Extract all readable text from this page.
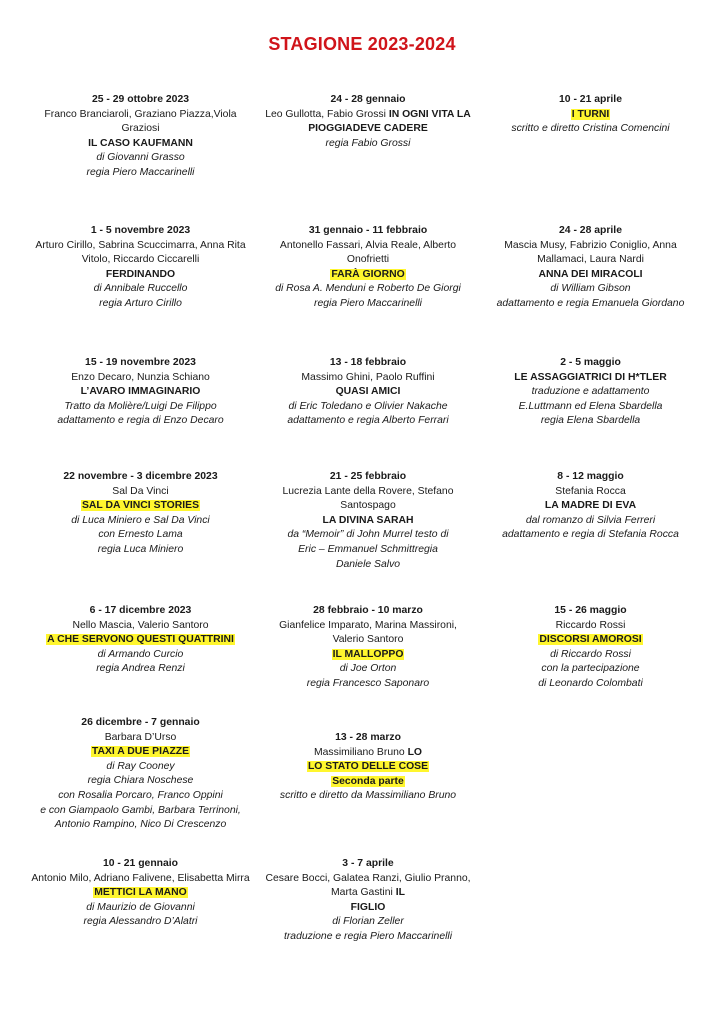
STAGIONE 2023-2024
25 - 29 ottobre 2023
Franco Branciaroli, Graziano Piazza,Viola Graziosi
IL CASO KAUFMANN
di Giovanni Grasso
regia Piero Maccarinelli
1 - 5 novembre 2023
Arturo Cirillo, Sabrina Scuccimarra, Anna Rita Vitolo, Riccardo Ciccarelli
FERDINANDO
di Annibale Ruccello
regia Arturo Cirillo
15 - 19 novembre 2023
Enzo Decaro, Nunzia Schiano
L’AVARO IMMAGINARIO
Tratto da Molière/Luigi De Filippo
adattamento e regia di Enzo Decaro
22 novembre - 3 dicembre 2023
Sal Da Vinci
SAL DA VINCI STORIES
di Luca Miniero e Sal Da Vinci
con Ernesto Lama
regia Luca Miniero
6 - 17 dicembre 2023
Nello Mascia, Valerio Santoro
A CHE SERVONO QUESTI QUATTRINI
di Armando Curcio
regia Andrea Renzi
26 dicembre - 7 gennaio
Barbara D’Urso
TAXI A DUE PIAZZE
di Ray Cooney
regia Chiara Noschese
con Rosalia Porcaro, Franco Oppini
e con Giampaolo Gambi, Barbara Terrinoni,
Antonio Rampino, Nico Di Crescenzo
10 - 21 gennaio
Antonio Milo, Adriano Falivene, Elisabetta Mirra
METTICI LA MANO
di Maurizio de Giovanni
regia Alessandro D’Alatri
24 - 28 gennaio
Leo Gullotta, Fabio Grossi IN OGNI VITA LA PIOGGIADEVE CADERE
regia Fabio Grossi
31 gennaio - 11 febbraio
Antonello Fassari, Alvia Reale, Alberto Onofrietti
FARÀ GIORNO
di Rosa A. Menduni e Roberto De Giorgi
regia Piero Maccarinelli
13 - 18 febbraio
Massimo Ghini, Paolo Ruffini
QUASI AMICI
di Eric Toledano e Olivier Nakache
adattamento e regia Alberto Ferrari
21 - 25 febbraio
Lucrezia Lante della Rovere, Stefano Santospago
LA DIVINA SARAH
da “Memoir” di John Murrel testo di
Eric – Emmanuel Schmittregia
Daniele Salvo
28 febbraio - 10 marzo
Gianfelice Imparato, Marina Massironi, Valerio Santoro
IL MALLOPPO
di Joe Orton
regia Francesco Saponaro
13 - 28 marzo
Massimiliano Bruno LO
LO STATO DELLE COSE
Seconda parte
scritto e diretto da Massimiliano Bruno
3 - 7 aprile
Cesare Bocci, Galatea Ranzi, Giulio Pranno, Marta Gastini IL
FIGLIO
di Florian Zeller
traduzione e regia Piero Maccarinelli
10 - 21 aprile
I TURNI
scritto e diretto Cristina Comencini
24 - 28 aprile
Mascia Musy, Fabrizio Coniglio, Anna Mallamaci, Laura Nardi
ANNA DEI MIRACOLI
di William Gibson
adattamento e regia Emanuela Giordano
2 - 5 maggio
LE ASSAGGIATRICI DI H*TLER
traduzione e adattamento
E.Luttmann ed Elena Sbardella
regia Elena Sbardella
8 - 12 maggio
Stefania Rocca
LA MADRE DI EVA
dal romanzo di Silvia Ferreri
adattamento e regia di Stefania Rocca
15 - 26 maggio
Riccardo Rossi
DISCORSI AMOROSI
di Riccardo Rossi
con la partecipazione
di Leonardo Colombati
